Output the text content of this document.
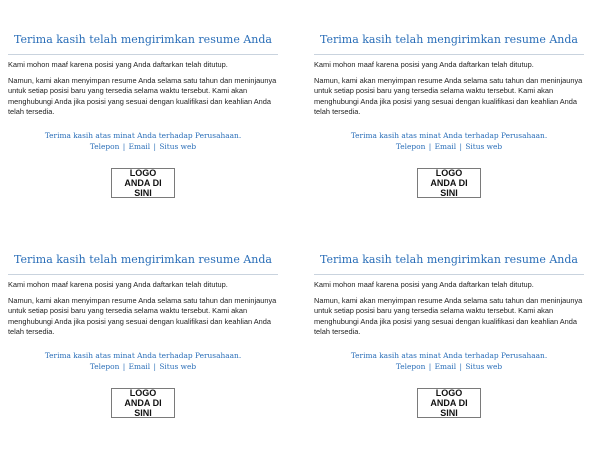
Terima kasih telah mengirimkan resume Anda

Kami mohon maaf karena posisi yang Anda daftarkan telah ditutup.

Namun, kami akan menyimpan resume Anda selama satu tahun dan meninjaunya untuk setiap posisi baru yang tersedia selama waktu tersebut. Kami akan menghubungi Anda jika posisi yang sesuai dengan kualifikasi dan keahlian Anda telah tersedia.

Terima kasih atas minat Anda terhadap Perusahaan.

Telepon | Email | Situs web

LOGO ANDA DI SINI
Terima kasih telah mengirimkan resume Anda

Kami mohon maaf karena posisi yang Anda daftarkan telah ditutup.

Namun, kami akan menyimpan resume Anda selama satu tahun dan meninjaunya untuk setiap posisi baru yang tersedia selama waktu tersebut. Kami akan menghubungi Anda jika posisi yang sesuai dengan kualifikasi dan keahlian Anda telah tersedia.

Terima kasih atas minat Anda terhadap Perusahaan.

Telepon | Email | Situs web

LOGO ANDA DI SINI
Terima kasih telah mengirimkan resume Anda

Kami mohon maaf karena posisi yang Anda daftarkan telah ditutup.

Namun, kami akan menyimpan resume Anda selama satu tahun dan meninjaunya untuk setiap posisi baru yang tersedia selama waktu tersebut. Kami akan menghubungi Anda jika posisi yang sesuai dengan kualifikasi dan keahlian Anda telah tersedia.

Terima kasih atas minat Anda terhadap Perusahaan.

Telepon | Email | Situs web

LOGO ANDA DI SINI
Terima kasih telah mengirimkan resume Anda

Kami mohon maaf karena posisi yang Anda daftarkan telah ditutup.

Namun, kami akan menyimpan resume Anda selama satu tahun dan meninjaunya untuk setiap posisi baru yang tersedia selama waktu tersebut. Kami akan menghubungi Anda jika posisi yang sesuai dengan kualifikasi dan keahlian Anda telah tersedia.

Terima kasih atas minat Anda terhadap Perusahaan.

Telepon | Email | Situs web

LOGO ANDA DI SINI
